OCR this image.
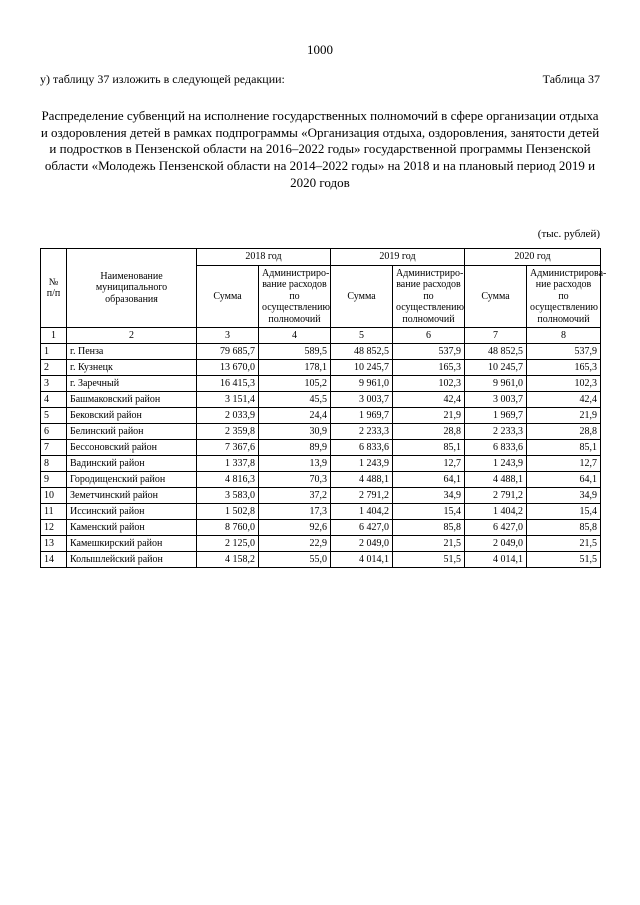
1000
у) таблицу 37 изложить в следующей редакции:	Таблица 37
Распределение субвенций на исполнение государственных полномочий в сфере организации отдыха и оздоровления детей в рамках подпрограммы «Организация отдыха, оздоровления, занятости детей и подростков в Пензенской области на 2016–2022 годы» государственной программы Пензенской области «Молодежь Пензенской области на 2014–2022 годы» на 2018 и на плановый период 2019 и 2020 годов
(тыс. рублей)
№ п/п	Наименование муниципального образования	2018 год		2019 год		2020 год	
		Сумма	Администриро-вание расходов по осуществлению полномочий	Сумма	Администриро-вание расходов по осуществлению полномочий	Сумма	Администрирова-ние расходов по осуществлению полномочий
1	2	3	4	5	6	7	8
1	г. Пенза	79 685,7	589,5	48 852,5	537,9	48 852,5	537,9
2	г. Кузнецк	13 670,0	178,1	10 245,7	165,3	10 245,7	165,3
3	г. Заречный	16 415,3	105,2	9 961,0	102,3	9 961,0	102,3
4	Башмаковский район	3 151,4	45,5	3 003,7	42,4	3 003,7	42,4
5	Бековский район	2 033,9	24,4	1 969,7	21,9	1 969,7	21,9
6	Белинский район	2 359,8	30,9	2 233,3	28,8	2 233,3	28,8
7	Бессоновский район	7 367,6	89,9	6 833,6	85,1	6 833,6	85,1
8	Вадинский район	1 337,8	13,9	1 243,9	12,7	1 243,9	12,7
9	Городищенский район	4 816,3	70,3	4 488,1	64,1	4 488,1	64,1
10	Земетчинский район	3 583,0	37,2	2 791,2	34,9	2 791,2	34,9
11	Иссинский район	1 502,8	17,3	1 404,2	15,4	1 404,2	15,4
12	Каменский район	8 760,0	92,6	6 427,0	85,8	6 427,0	85,8
13	Камешкирский район	2 125,0	22,9	2 049,0	21,5	2 049,0	21,5
14	Колышлейский район	4 158,2	55,0	4 014,1	51,5	4 014,1	51,5
